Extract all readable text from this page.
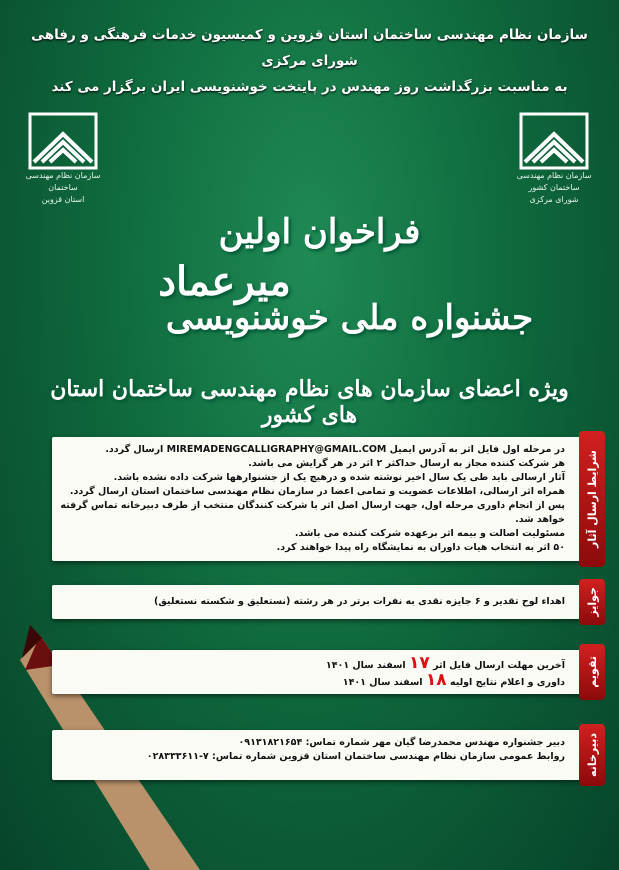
سازمان نظام مهندسی ساختمان استان قزوین و کمیسیون خدمات فرهنگی و رفاهی شورای مرکزی
به مناسبت بزرگداشت روز مهندس در پایتخت خوشنویسی ایران برگزار می کند
سازمان نظام مهندسی ساختمان کشور
شورای مرکزی
سازمان نظام مهندسی ساختمان
استان قزوین
فراخوان اولین
میرعماد
جشنواره ملی خوشنویسی
ویژه اعضای سازمان های نظام مهندسی ساختمان استان های کشور
شرایط ارسال آثار
در مرحله اول فایل اثر به آدرس ایمیل MIREMADENGCALLIGRAPHY@GMAIL.COM ارسال گردد.
هر شرکت کننده مجاز به ارسال حداکثر ۲ اثر در هر گرایش می باشد.
آثار ارسالی باید طی یک سال اخیر نوشته شده و درهیچ یک از جشنوارهها شرکت داده نشده باشد.
همراه اثر ارسالی، اطلاعات عضویت و تمامی اعضا در سازمان نظام مهندسی ساختمان استان ارسال گردد.
پس از انجام داوری مرحله اول، جهت ارسال اصل اثر با شرکت کنندگان منتخب از طرف دبیرخانه تماس گرفته خواهد شد.
مسئولیت اصالت و بیمه اثر برعهده شرکت کننده می باشد.
۵۰ اثر به انتخاب هیات داوران به نمایشگاه راه پیدا خواهند کرد.
جوایز
اهداء لوح تقدیر و ۶ جایزه نقدی به نفرات برتر در هر رشته (نستعلیق و شکسته نستعلیق)
تقویم
آخرین مهلت ارسال فایل اثر ۱۷ اسفند سال ۱۴۰۱
داوری و اعلام نتایج اولیه ۱۸ اسفند سال ۱۴۰۱
دبیرخانه
دبیر جشنواره مهندس محمدرضا گیان مهر شماره تماس: ۰۹۱۳۱۸۲۱۶۵۴
روابط عمومی سازمان نظام مهندسی ساختمان استان قزوین شماره تماس: ۷-۰۲۸۳۳۳۶۱۱
